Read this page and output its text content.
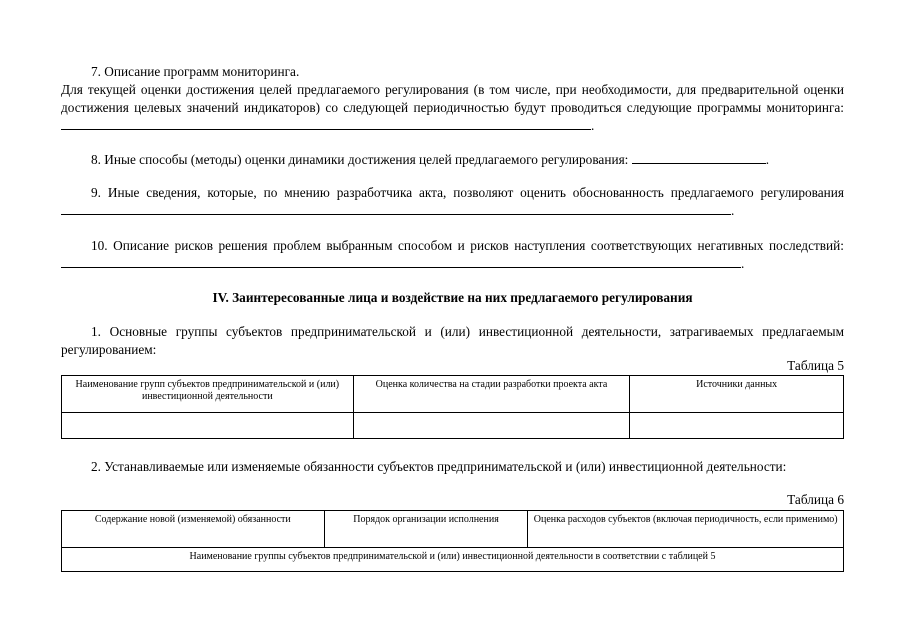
7. Описание программ мониторинга.
Для текущей оценки достижения целей предлагаемого регулирования (в том числе, при необходимости, для предварительной оценки достижения целевых значений индикаторов) со следующей периодичностью будут проводиться следующие программы мониторинга: .
8. Иные способы (методы) оценки динамики достижения целей предлагаемого регулирования:	.
9. Иные сведения, которые, по мнению разработчика акта, позволяют оценить обоснованность предлагаемого регулирования .
10. Описание рисков решения проблем выбранным способом и рисков наступления соответствующих негативных последствий: .
IV. Заинтересованные лица и воздействие на них предлагаемого регулирования
1. Основные группы субъектов предпринимательской и (или) инвестиционной деятельности, затрагиваемых предлагаемым регулированием:
Таблица 5
Наименование групп субъектов предпринимательской и (или) инвестиционной деятельности	Оценка количества на стадии разработки проекта акта	Источники данных

2. Устанавливаемые или изменяемые обязанности субъектов предпринимательской и (или) инвестиционной деятельности:
Таблица 6
Содержание новой (изменяемой) обязанности	Порядок организации исполнения	Оценка расходов субъектов (включая периодичность, если применимо)
Наименование группы субъектов предпринимательской и (или) инвестиционной деятельности в соответствии с таблицей 5
